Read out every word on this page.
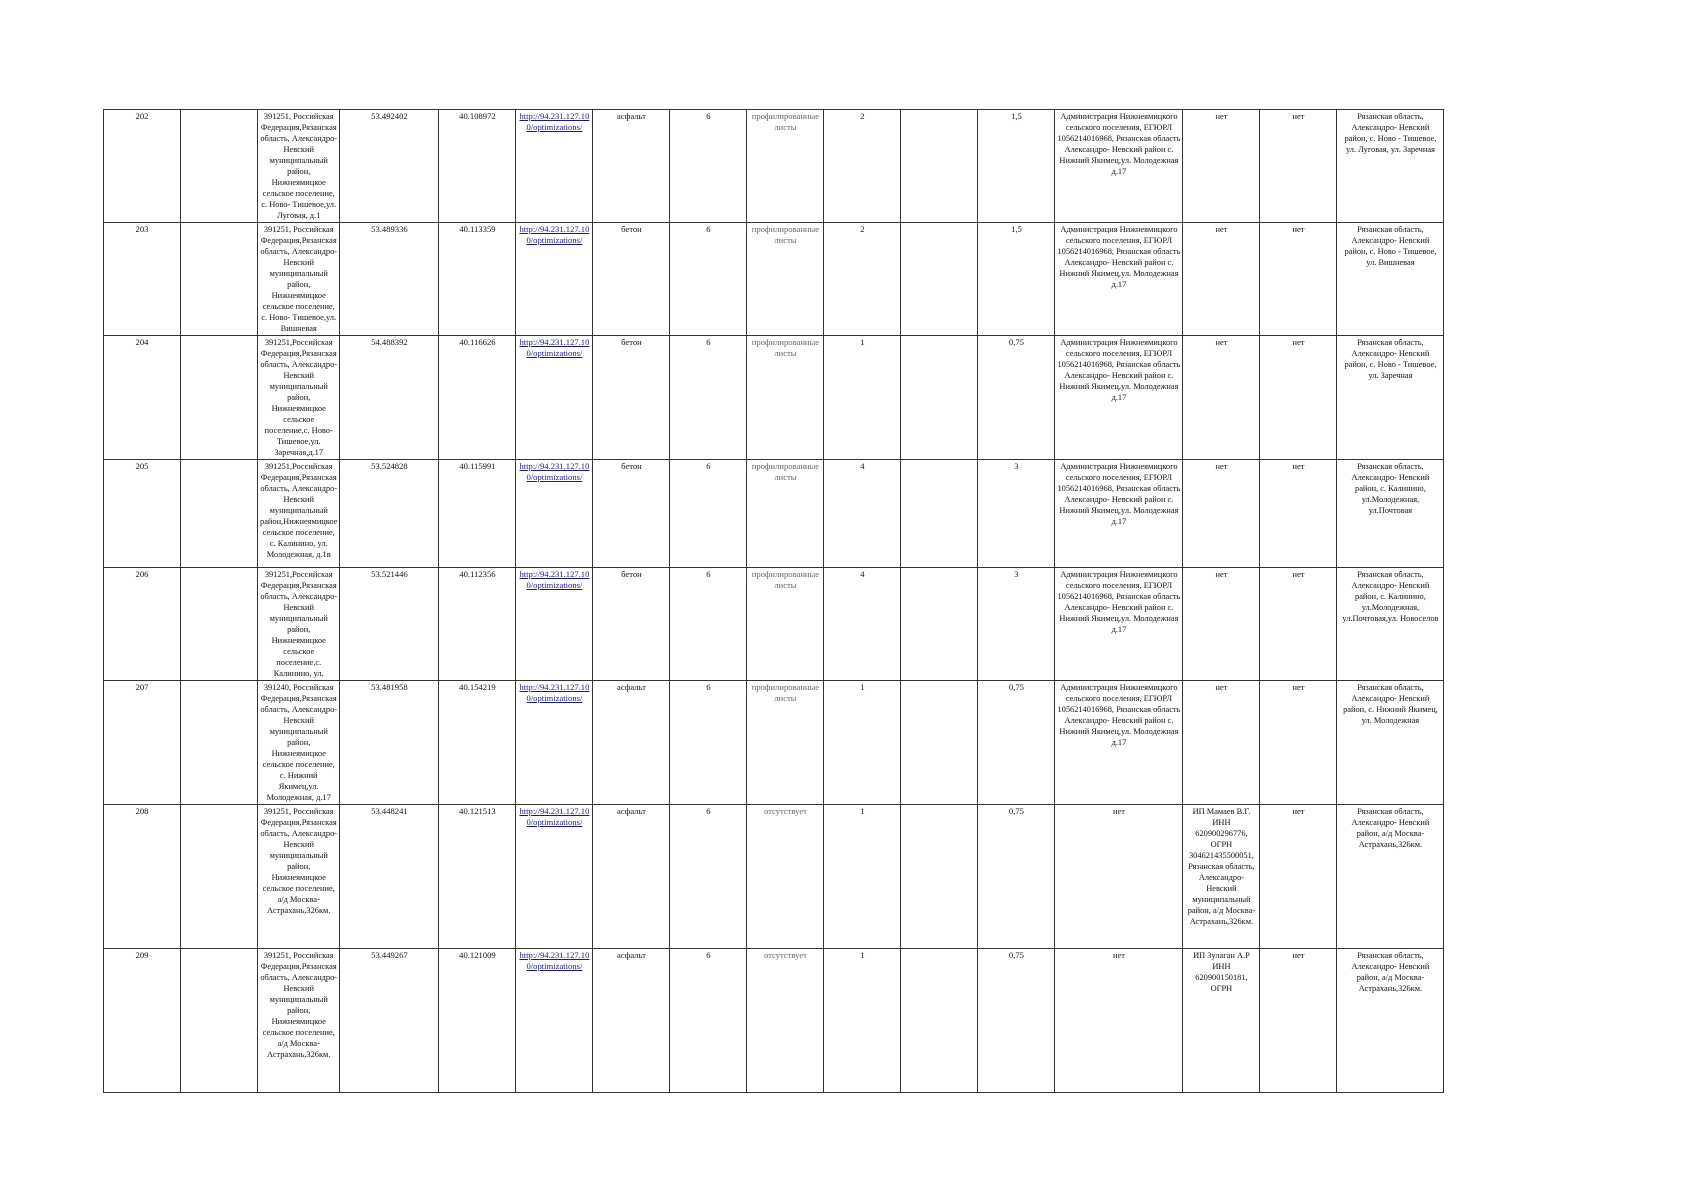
202		391251, Российская Федерация,Рязанская область, Александро-Невский муниципальный район, Нижнеямицкое сельское поселение, с. Ново- Тишевое,ул. Луговая, д.1	53.492402	40.108972	http://94.231.127.10 0/optimizations/	асфальт	6	профилированные листы	2		1,5	Администрация Нижнеямицкого сельского поселения, ЕГЮРЛ 1056214016968, Рязанская область Александро- Невский район с. Нижний Якимец,ул. Молодежная д.17	нет	нет	Рязанская область, Александро- Невский район, с. Ново - Тишевое, ул. Луговая, ул. Заречная
203		391251, Российская Федерация,Рязанская область, Александро-Невский муниципальный район, Нижнеямицкое сельское поселение, с. Ново- Тишевое,ул. Вишневая	53.489336	40.113359	http://94.231.127.10 0/optimizations/	бетон	6	профилированные листы	2		1,5	Администрация Нижнеямицкого сельского поселения, ЕГЮРЛ 1056214016968, Рязанская область Александро- Невский район с. Нижний Якимец,ул. Молодежная д.17	нет	нет	Рязанская область, Александро- Невский район, с. Ново - Тишевое, ул. Вишневая
204		391251,Российская Федерация,Рязанская область, Александро-Невский муниципальный район, Нижнеямицкое сельское поселение,с. Ново- Тишевое,ул. Заречная,д.17	54.488392	40.116626	http://94.231.127.10 0/optimizations/	бетон	6	профилированные листы	1		0,75	Администрация Нижнеямицкого сельского поселения, ЕГЮРЛ 1056214016968, Рязанская область Александро- Невский район с. Нижний Якимец,ул. Молодежная д.17	нет	нет	Рязанская область, Александро- Невский район, с. Ново - Тишевое, ул. Заречная
205		391251,Российская Федерация,Рязанская область, Александро-Невский муниципальный район,Нижнеямицкое сельское поселение, с. Калинино, ул. Молодежная, д.1в	53.524828	40.115991	http://94.231.127.10 0/optimizations/	бетон	6	профилированные листы	4		3	Администрация Нижнеямицкого сельского поселения, ЕГЮРЛ 1056214016968, Рязанская область Александро- Невский район с. Нижний Якимец,ул. Молодежная д.17	нет	нет	Рязанская область, Александро- Невский район, с. Калинино, ул.Молодежная, ул.Почтовая
206		391251,Российская Федерация,Рязанская область, Александро-Невский муниципальный район, Нижнеямицкое сельское поселение,с. Калинино, ул.	53.521446	40.112356	http://94.231.127.10 0/optimizations/	бетон	6	профилированные листы	4		3	Администрация Нижнеямицкого сельского поселения, ЕГЮРЛ 1056214016968, Рязанская область Александро- Невский район с. Нижний Якимец,ул. Молодежная д.17	нет	нет	Рязанская область, Александро- Невский район, с. Калинино, ул.Молодежная, ул.Почтовая,ул. Новоселов
207		391240, Российская Федерация,Рязанская область, Александро-Невский муниципальный район, Нижнеямицкое сельское поселение, с. Нижний Якимец,ул. Молодежная, д.17	53.481958	40.154219	http://94.231.127.10 0/optimizations/	асфальт	6	профилированные листы	1		0,75	Администрация Нижнеямицкого сельского поселения, ЕГЮРЛ 1056214016968, Рязанская область Александро- Невский район с. Нижний Якимец,ул. Молодежная д.17	нет	нет	Рязанская область, Александро- Невский район, с. Нижний Якимец, ул. Молодежная
208		391251, Российская Федерация,Рязанская область, Александро-Невский муниципальный район, Нижнеямицкое сельское поселение, а/д Москва-Астрахань,326км.	53.448241	40.121513	http://94.231.127.10 0/optimizations/	асфальт	6	отсутствует	1		0,75	нет	ИП Мамаев В.Г. ИНН 620900296776, ОГРН 304621435500051, Рязанская область, Александро-Невский муниципальный район, а/д Москва-Астрахань,326км.	нет	Рязанская область, Александро- Невский район, а/д Москва-Астрахань,326км.
209		391251, Российская Федерация,Рязанская область, Александро-Невский муниципальный район, Нижнеямицкое сельское поселение, а/д Москва-Астрахань,326км.	53.449267	40.121009	http://94.231.127.10 0/optimizations/	асфальт	6	отсутствует	1		0,75	нет	ИП Зулаган А.Р ИНН 620900150181, ОГРН	нет	Рязанская область, Александро- Невский район, а/д Москва-Астрахань,326км.
